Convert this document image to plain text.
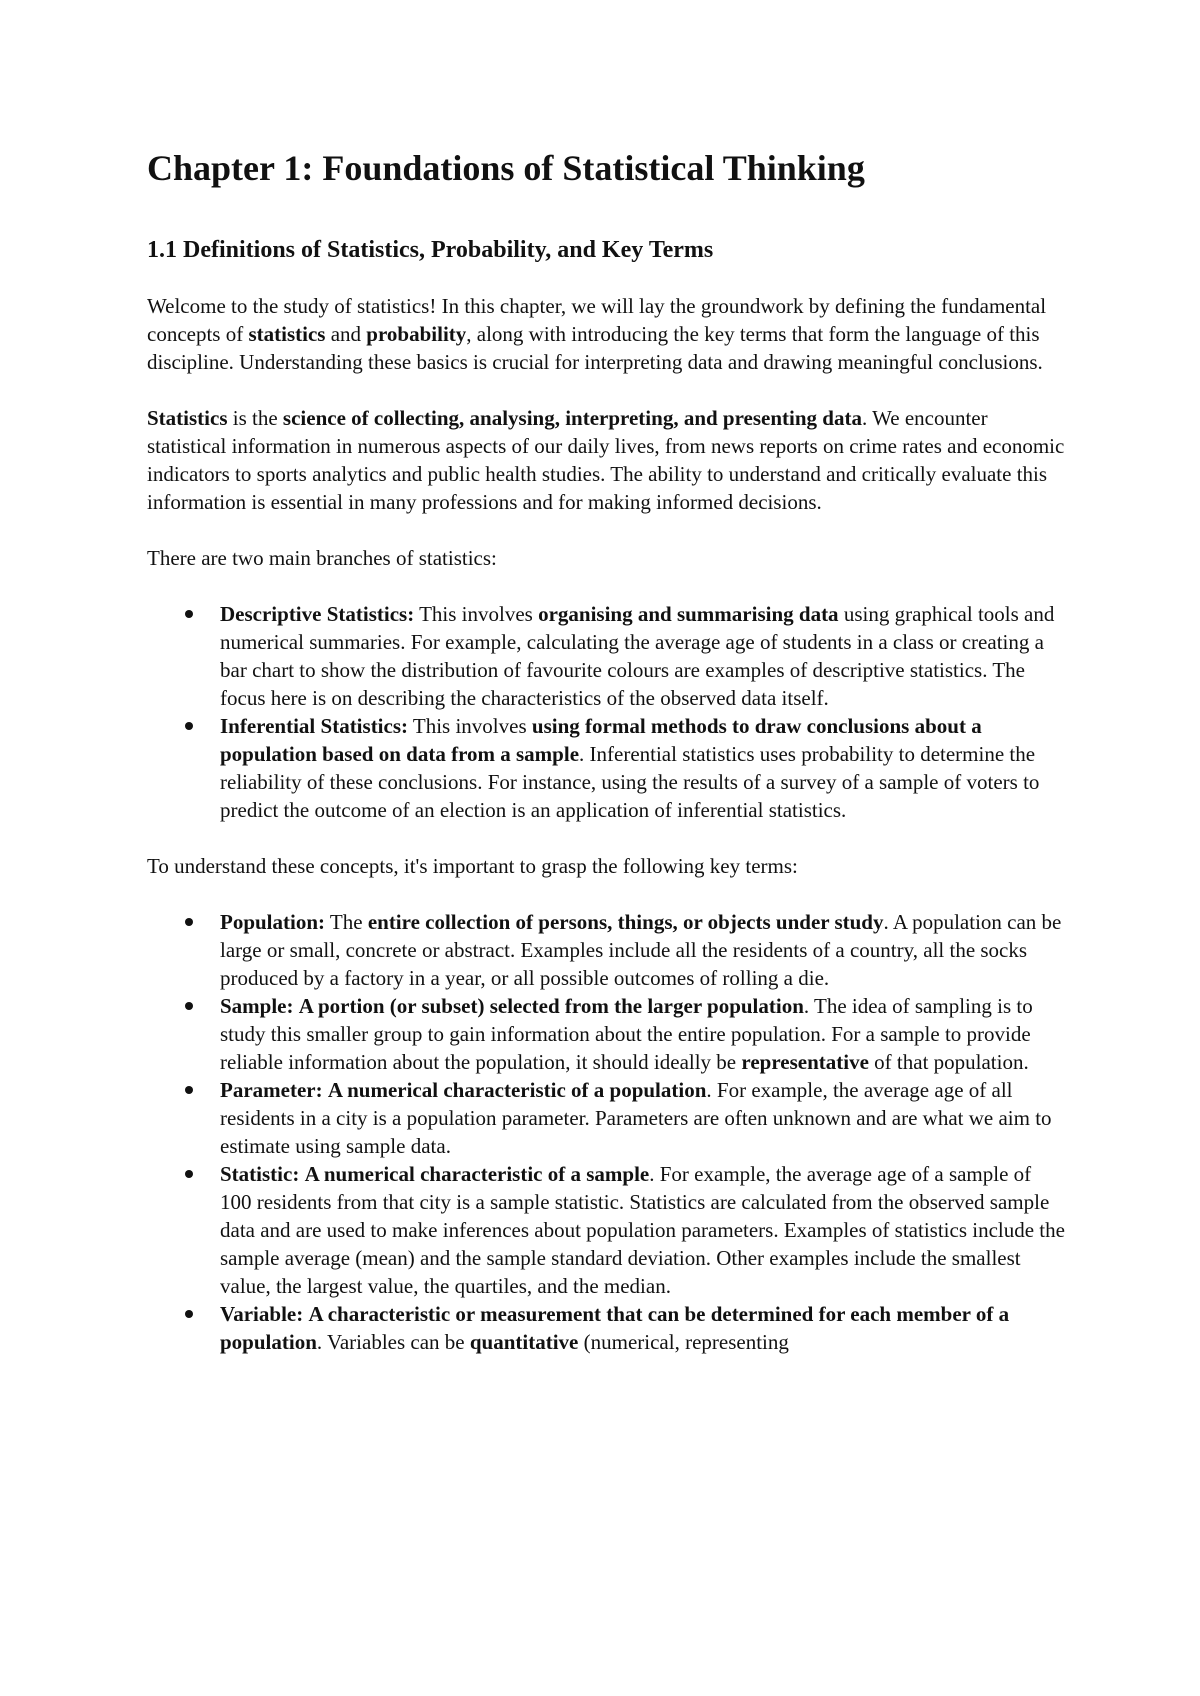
Chapter 1: Foundations of Statistical Thinking
1.1 Definitions of Statistics, Probability, and Key Terms

Welcome to the study of statistics! In this chapter, we will lay the groundwork by defining the fundamental concepts of statistics and probability, along with introducing the key terms that form the language of this discipline. Understanding these basics is crucial for interpreting data and drawing meaningful conclusions.

Statistics is the science of collecting, analysing, interpreting, and presenting data. We encounter statistical information in numerous aspects of our daily lives, from news reports on crime rates and economic indicators to sports analytics and public health studies. The ability to understand and critically evaluate this information is essential in many professions and for making informed decisions.

There are two main branches of statistics:

Descriptive Statistics: This involves organising and summarising data using graphical tools and numerical summaries. For example, calculating the average age of students in a class or creating a bar chart to show the distribution of favourite colours are examples of descriptive statistics. The focus here is on describing the characteristics of the observed data itself.
Inferential Statistics: This involves using formal methods to draw conclusions about a population based on data from a sample. Inferential statistics uses probability to determine the reliability of these conclusions. For instance, using the results of a survey of a sample of voters to predict the outcome of an election is an application of inferential statistics.

To understand these concepts, it's important to grasp the following key terms:

Population: The entire collection of persons, things, or objects under study. A population can be large or small, concrete or abstract. Examples include all the residents of a country, all the socks produced by a factory in a year, or all possible outcomes of rolling a die.
Sample: A portion (or subset) selected from the larger population. The idea of sampling is to study this smaller group to gain information about the entire population. For a sample to provide reliable information about the population, it should ideally be representative of that population.
Parameter: A numerical characteristic of a population. For example, the average age of all residents in a city is a population parameter. Parameters are often unknown and are what we aim to estimate using sample data.
Statistic: A numerical characteristic of a sample. For example, the average age of a sample of 100 residents from that city is a sample statistic. Statistics are calculated from the observed sample data and are used to make inferences about population parameters. Examples of statistics include the sample average (mean) and the sample standard deviation. Other examples include the smallest value, the largest value, the quartiles, and the median.
Variable: A characteristic or measurement that can be determined for each member of a population. Variables can be quantitative (numerical, representing
